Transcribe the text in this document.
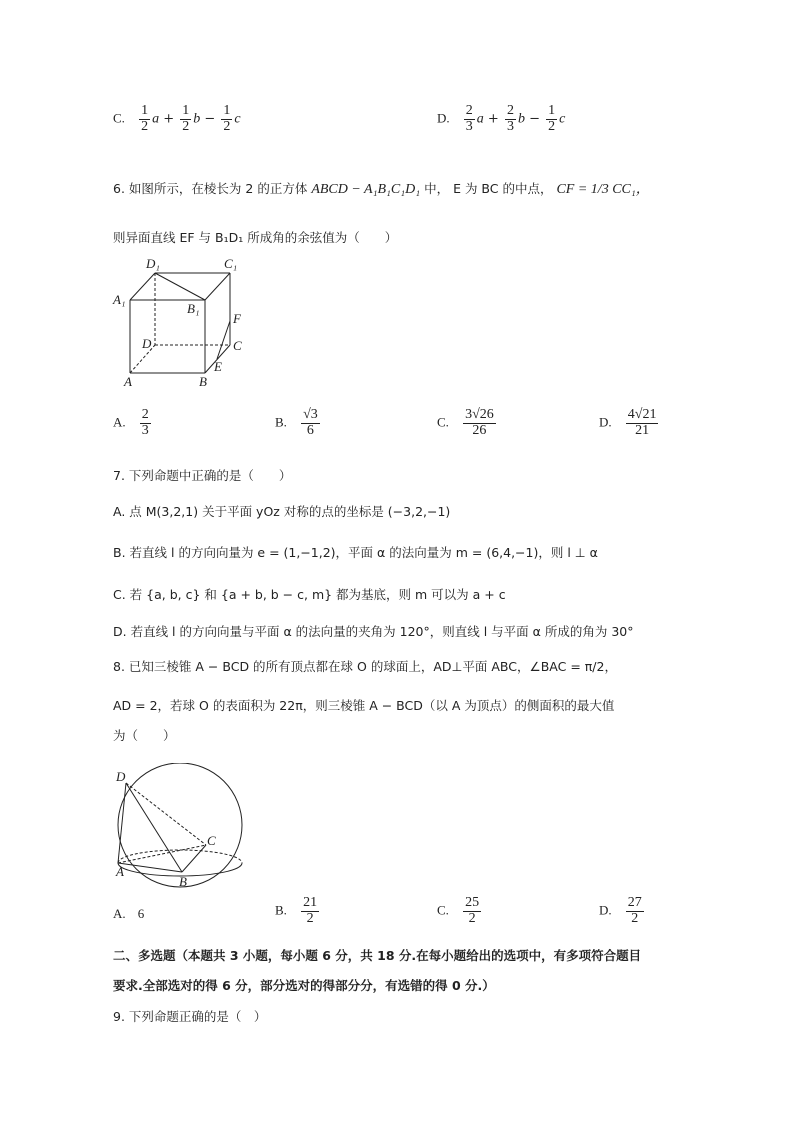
C. $\frac{1}{2}$ $a + \frac{1}{2}$ $b - \frac{1}{2}$ c	D. $\frac{2}{3}$ $a + \frac{2}{3}$ $b - \frac{1}{2}$ c
6. 如图所示，在棱长为 2 的正方体 ABCD − A₁B₁C₁D₁ 中， E 为 BC 的中点， CF = 1/3 CC₁，
则异面直线 EF 与 B₁D₁ 所成角的余弦值为（　　）
D₁	C₁
A₁
B₁
F
D	C
A	B
E
A. $\frac{2}{3}$	B. $\frac{√3}{6}$	C. $\frac{3√26}{26}$	D. $\frac{4√21}{21}$
7. 下列命题中正确的是（　　）
A. 点 M(3,2,1) 关于平面 yOz 对称的点的坐标是 (−3,2,−1)
B. 若直线 l 的方向向量为 e = (1,−1,2)，平面 α 的法向量为 m = (6,4,−1)，则 l ⊥ α
C. 若 {a, b, c} 和 {a + b, b − c, m} 都为基底，则 m 可以为 a + c
D. 若直线 l 的方向向量与平面 α 的法向量的夹角为 120°，则直线 l 与平面 α 所成的角为 30°
8. 已知三棱锥 A − BCD 的所有顶点都在球 O 的球面上，AD⊥平面 ABC，∠BAC = π/2，
AD = 2，若球 O 的表面积为 22π，则三棱锥 A − BCD（以 A 为顶点）的侧面积的最大值
为（　　）
D
C
A
B
A. 6	B. $\frac{21}{2}$	C. $\frac{25}{2}$	D. $\frac{27}{2}$
二、多选题（本题共 3 小题，每小题 6 分，共 18 分.在每小题给出的选项中，有多项符合题目
要求.全部选对的得 6 分，部分选对的得部分分，有选错的得 0 分.）
9. 下列命题正确的是（　）
